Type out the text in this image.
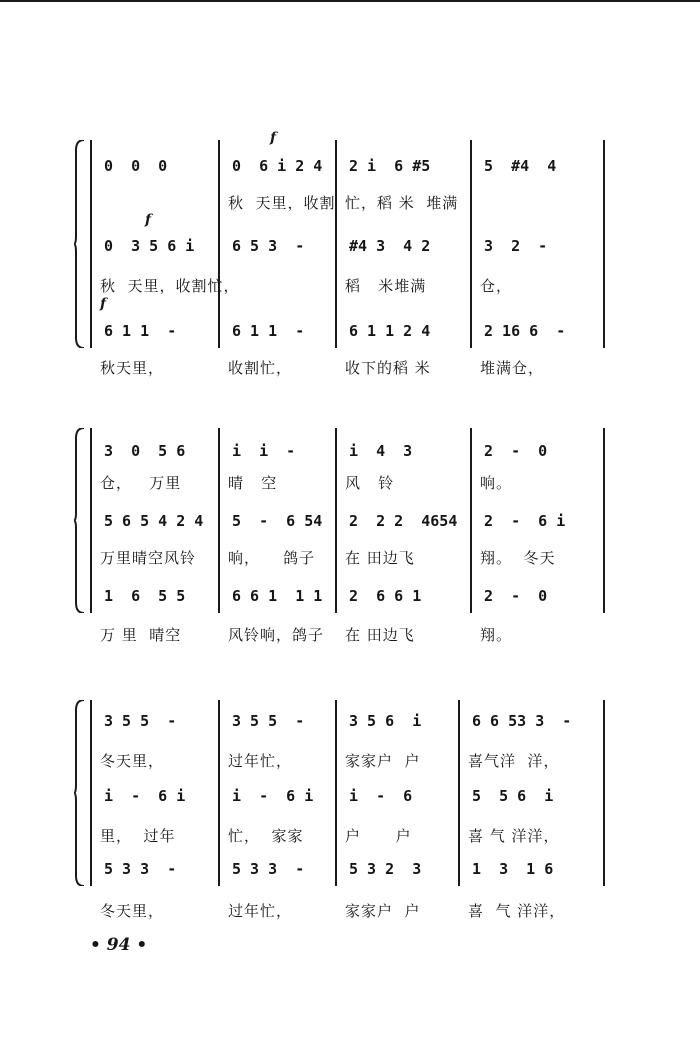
0  0  0
0  3 5 6 i
秋  天里，收割忙，
6 1 1  -
秋天里，
0  6 i 2 4
秋  天里，收割
6 5 3  -
6 1 1  -
收割忙，
2 i  6 #5
忙，稻 米  堆满
#4 3  4 2
稻   米堆满
6 1 1 2 4
收下的稻 米
5  #4  4
3  2  -
仓，
2 16 6  -
堆满仓，
3  0  5 6
仓，   万里
5 6 5 4 2 4
万里晴空风铃
1  6  5 5
万 里  晴空
i  i  -
晴   空
5  -  6 54
响，    鸽子
6 6 1  1 1
风铃响，鸽子
i  4  3
风   铃
2  2 2  4654
在 田边飞
2  6 6 1
在 田边飞
2  -  0
响。
2  -  6 i
翔。  冬天
2  -  0
翔。
3 5 5  -
冬天里，
i  -  6 i
里，  过年
5 3 3  -
冬天里，
3 5 5  -
过年忙，
i  -  6 i
忙，  家家
5 3 3  -
过年忙，
3 5 6  i
家家户  户
i  -  6
户      户
5 3 2  3
家家户  户
6 6 53 3  -
喜气洋  洋，
5  5 6  i
喜 气 洋洋，
1  3  1 6
喜  气 洋洋，
f
f
f
• 94 •
